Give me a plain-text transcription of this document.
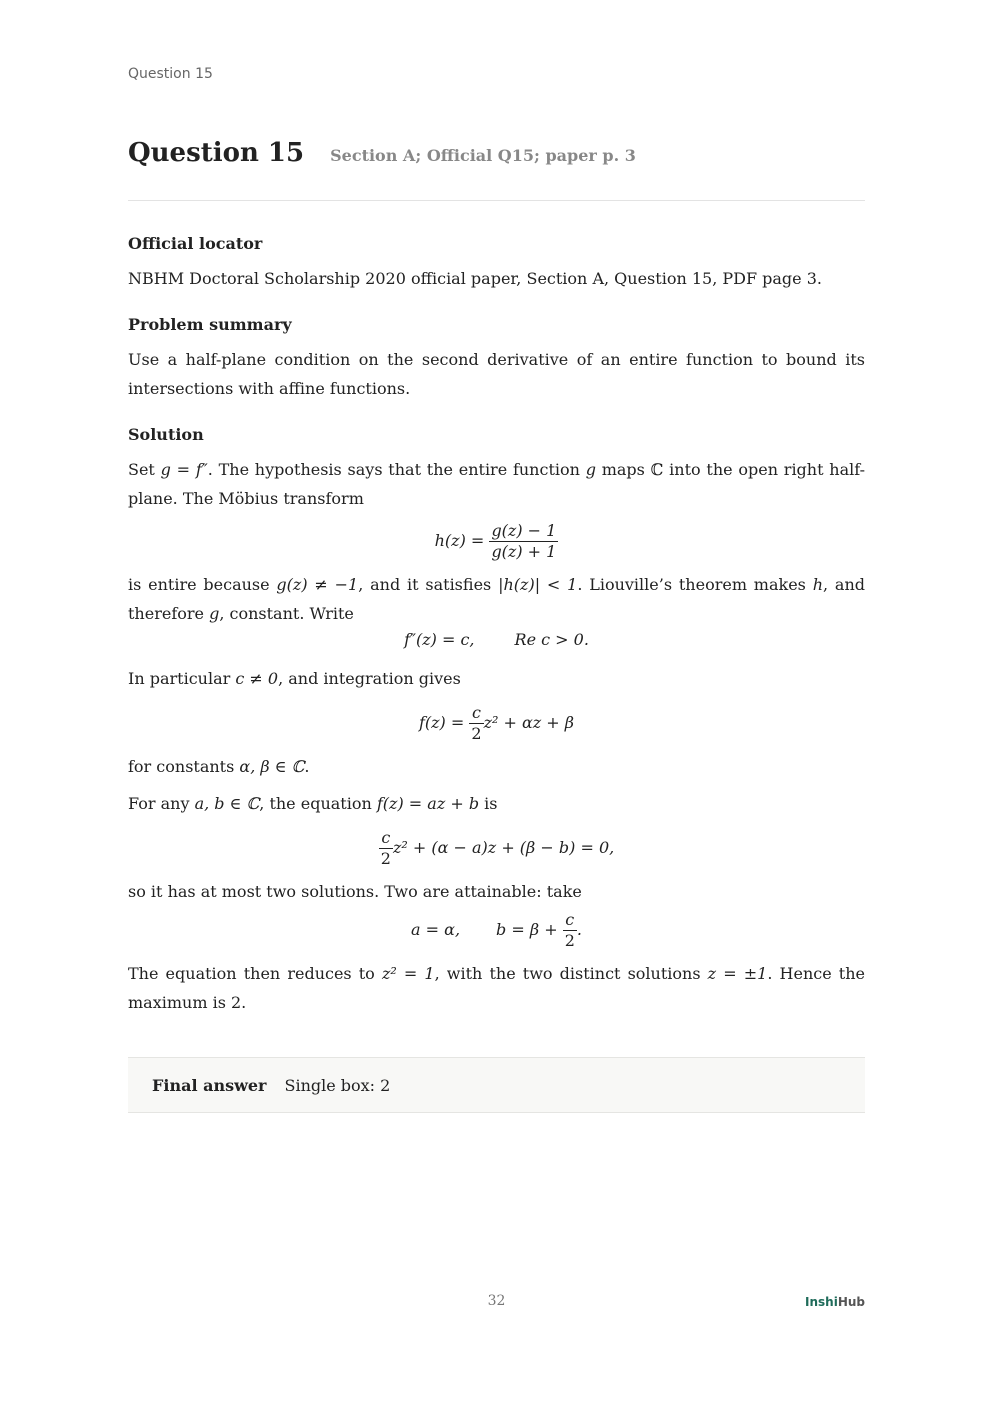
Question 15
Question 15 Section A; Official Q15; paper p. 3
Official locator

NBHM Doctoral Scholarship 2020 official paper, Section A, Question 15, PDF page 3.

Problem summary

Use a half-plane condition on the second derivative of an entire function to bound its intersections with affine functions.

Solution

Set g = f″. The hypothesis says that the entire function g maps ℂ into the open right half-plane. The Möbius transform

$h(z) = \frac{g(z) - 1}{g(z) + 1}$

is entire because g(z) ≠ −1, and it satisfies |h(z)| < 1. Liouville’s theorem makes h, and therefore g, constant. Write

f″(z) = c,	Re c > 0.

In particular c ≠ 0, and integration gives

$f(z) = \frac{c}{2} z^2 + \alpha z + \beta$

for constants α, β ∈ ℂ.

For any a, b ∈ ℂ, the equation f(z) = az + b is

$\frac{c}{2} z^2 + (\alpha - a)z + (\beta - b) = 0$,

so it has at most two solutions. Two are attainable: take

a = α, $b = \beta + \frac{c}{2}$ .

The equation then reduces to z² = 1, with the two distinct solutions z = ±1. Hence the maximum is 2.

Final answer Single box: 2
32	InshiHub
